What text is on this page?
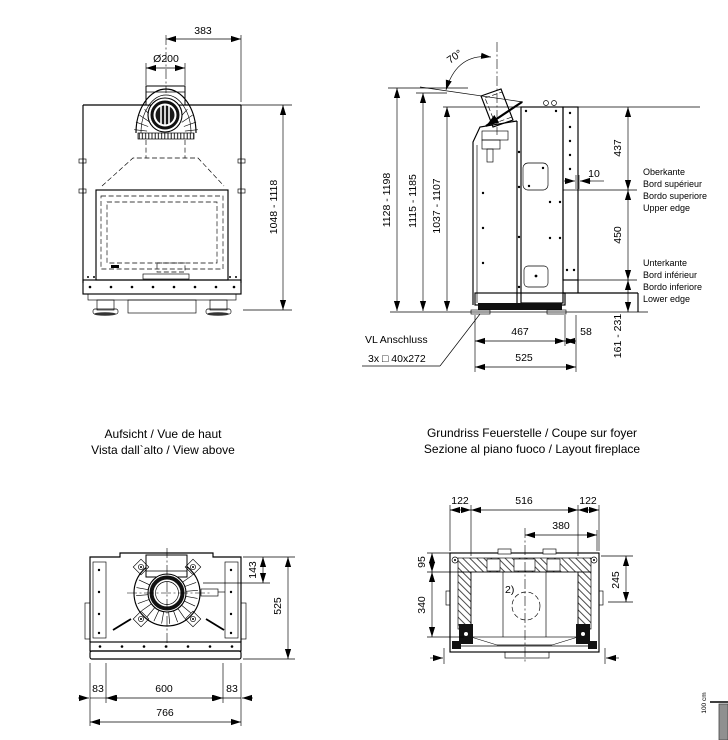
383
Ø200
1048 - 1118
70°
1128 - 1198 1115 - 1185 1037 - 1107
437
450
161 - 231
10	Oberkante
Bord supérieur
Bordo superiore
Upper edge
Unterkante
Bord inférieur
Bordo inferiore
Lower edge
467	58
525
VL Anschluss
3x □ 40x272
Aufsicht / Vue de haut
Vista dall`alto / View above
Grundriss Feuerstelle / Coupe sur foyer
Sezione al piano fuoco / Layout fireplace
143
525
83	600	83
766
2)
122	516	122
380
95
340
245
100 cm
